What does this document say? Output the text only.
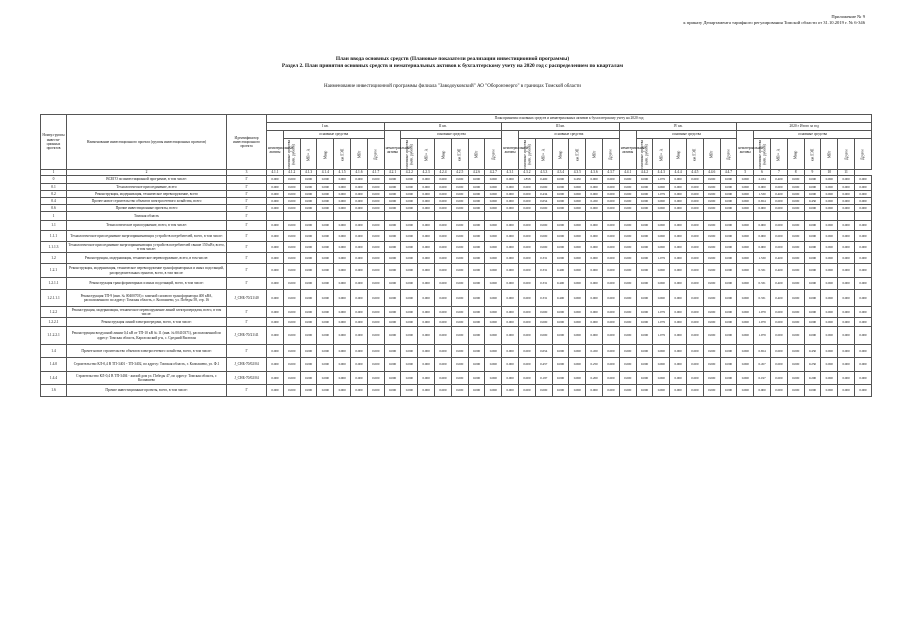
Приложение № 9
к приказу Департамента тарифного регулирования Томской области от 31.10.2019 г. № 6-346
План ввода основных средств (Плановые показатели реализации инвестиционной программы)
Раздел 2. План принятия основных средств и нематериальных активов к бухгалтерскому учету на 2020 год с распределением по кварталам
Наименование инвестиционной программы филиала "Заводоуковский" АО "Оборонэнерго" в границах Томской области
Номер группы инвести-ционных проектов	Наименование инвестиционного проекта (группы инвестиционных проектов)	Идентификатор инвестиционного проекта	План принятия основных средств и нематериальных активов к бухгалтерскому учету на 2020 год																																			
			I кв.							II кв.							III кв.							IV кв.							2020 г Итого за год							
			нематериальные активы	основные средства						нематериальные активы	основные средства						нематериальные активы	основные средства						нематериальные активы	основные средства						нематериальные активы	основные средства						
				основные средства (млн. рублей)	МВ×А	Мвар	км ЛЭП	МВт	Другое		основные средства (млн. рублей)	МВ×А	Мвар	км ЛЭП	МВт	Другое		основные средства (млн. рублей)	МВ×А	Мвар	км ЛЭП	МВт	Другое		основные средства (млн. рублей)	МВ×А	Мвар	км ЛЭП	МВт	Другое		основные средства (млн. рублей)	МВ×А	Мвар	км ЛЭП	МВт	Другое	Другое

1	2	3	4.1.1	4.1.2	4.1.3	4.1.4	4.1.5	4.1.6	4.1.7	4.2.1	4.2.2	4.2.3	4.2.4	4.2.5	4.2.6	4.2.7	4.3.1	4.3.2	4.3.3	4.3.4	4.3.5	4.3.6	4.3.7	4.4.1	4.4.2	4.4.3	4.4.4	4.4.5	4.4.6	4.4.7	5	6	7	8	9	10	11	
0	ВСЕГО по инвестиционной программе, в том числе:	Г	0.000	0.000	0.000	0.000	0.000	0.000	0.000	0.000	0.000	0.000	0.000	0.000	0.000	0.000	0.000	1.858	0.400	0.000	0.450	0.000	0.000	0.000	0.000	1.079	0.000	0.000	0.000	0.000	0.000	2.184	0.400	0.000	0.000	0.000	0.000	0.000
0.1	Технологическое присоединение, всего	Г	0.000	0.000	0.000	0.000	0.000	0.000	0.000	0.000	0.000	0.000	0.000	0.000	0.000	0.000	0.000	0.000	0.000	0.000	0.000	0.000	0.000	0.000	0.000	0.000	0.000	0.000	0.000	0.000	0.000	0.000	0.000	0.000	0.000	0.000	0.000	0.000
0.2	Реконструкция, модернизация, техническое перевооружение, всего	Г	0.000	0.000	0.000	0.000	0.000	0.000	0.000	0.000	0.000	0.000	0.000	0.000	0.000	0.000	0.000	0.000	0.434	0.000	0.000	0.000	0.000	0.000	0.000	1.079	0.000	0.000	0.000	0.000	0.000	1.530	0.400	0.000	0.000	0.000	0.000	0.000
0.4	Прочее новое строительство объектов электросетевого хозяйства, всего	Г	0.000	0.000	0.000	0.000	0.000	0.000	0.000	0.000	0.000	0.000	0.000	0.000	0.000	0.000	0.000	0.000	0.654	0.000	0.000	0.450	0.000	0.000	0.000	0.000	0.000	0.000	0.000	0.000	0.000	0.654	0.000	0.000	0.450	0.000	0.000	0.000
0.6	Прочие инвестиционные проекты, всего	Г	0.000	0.000	0.000	0.000	0.000	0.000	0.000	0.000	0.000	0.000	0.000	0.000	0.000	0.000	0.000	0.000	0.000	0.000	0.000	0.000	0.000	0.000	0.000	0.000	0.000	0.000	0.000	0.000	0.000	0.000	0.000	0.000	0.000	0.000	0.000	0.000
1	Томская область	Г																																				
1.1	Технологическое присоединение, всего, в том числе:	Г	0.000	0.000	0.000	0.000	0.000	0.000	0.000	0.000	0.000	0.000	0.000	0.000	0.000	0.000	0.000	0.000	0.000	0.000	0.000	0.000	0.000	0.000	0.000	0.000	0.000	0.000	0.000	0.000	0.000	0.000	0.000	0.000	0.000	0.000	0.000	0.000
1.1.1	Технологическое присоединение энергопринимающих устройств потребителей, всего, в том числе:	Г	0.000	0.000	0.000	0.000	0.000	0.000	0.000	0.000	0.000	0.000	0.000	0.000	0.000	0.000	0.000	0.000	0.000	0.000	0.000	0.000	0.000	0.000	0.000	0.000	0.000	0.000	0.000	0.000	0.000	0.000	0.000	0.000	0.000	0.000	0.000	0.000
1.1.1.3	Технологическое присоединение энергопринимающих устройств потребителей свыше 150 кВт, всего, в том числе:	Г	0.000	0.000	0.000	0.000	0.000	0.000	0.000	0.000	0.000	0.000	0.000	0.000	0.000	0.000	0.000	0.000	0.000	0.000	0.000	0.000	0.000	0.000	0.000	0.000	0.000	0.000	0.000	0.000	0.000	0.000	0.000	0.000	0.000	0.000	0.000	0.000
1.2	Реконструкция, модернизация, техническое перевооружение, всего, в том числе:	Г	0.000	0.000	0.000	0.000	0.000	0.000	0.000	0.000	0.000	0.000	0.000	0.000	0.000	0.000	0.000	0.000	0.331	0.000	0.000	0.000	0.000	0.000	0.000	1.079	0.000	0.000	0.000	0.000	0.000	1.530	0.400	0.000	0.000	0.000	0.000	0.000
1.2.1	Реконструкция, модернизация, техническое перевооружение трансформаторных и иных подстанций, распределительных пунктов, всего, в том числе:	Г	0.000	0.000	0.000	0.000	0.000	0.000	0.000	0.000	0.000	0.000	0.000	0.000	0.000	0.000	0.000	0.000	0.331	0.400	0.000	0.000	0.000	0.000	0.000	0.000	0.000	0.000	0.000	0.000	0.000	0.331	0.400	0.000	0.000	0.000	0.000	0.000
1.2.1.1	Реконструкция трансформаторных и иных подстанций, всего, в том числе:	Г	0.000	0.000	0.000	0.000	0.000	0.000	0.000	0.000	0.000	0.000	0.000	0.000	0.000	0.000	0.000	0.000	0.331	0.400	0.000	0.000	0.000	0.000	0.000	0.000	0.000	0.000	0.000	0.000	0.000	0.331	0.400	0.000	0.000	0.000	0.000	0.000
1.2.1.1.1	Реконструкция ТП-9 (инв. № 00400703) с заменой силового трансформатора 400 кВА, расположенного по адресу: Томская область, г. Колпашево, ул. Победы 58, стр. 16	J_СНБ-70/21/40	0.000	0.000	0.000	0.000	0.000	0.000	0.000	0.000	0.000	0.000	0.000	0.000	0.000	0.000	0.000	0.000	0.331	0.400	0.000	0.000	0.000	0.000	0.000	0.000	0.000	0.000	0.000	0.000	0.000	0.331	0.400	0.000	0.000	0.000	0.000	0.000
1.2.2	Реконструкция, модернизация, техническое перевооружение линий электропередачи, всего, в том числе:	Г	0.000	0.000	0.000	0.000	0.000	0.000	0.000	0.000	0.000	0.000	0.000	0.000	0.000	0.000	0.000	0.000	0.000	0.000	0.000	0.000	0.000	0.000	0.000	1.079	0.000	0.000	0.000	0.000	0.000	1.079	0.000	0.000	0.000	0.000	0.000	0.000
1.2.2.1	Реконструкция линий электропередачи, всего, в том числе:	Г	0.000	0.000	0.000	0.000	0.000	0.000	0.000	0.000	0.000	0.000	0.000	0.000	0.000	0.000	0.000	0.000	0.000	0.000	0.000	0.000	0.000	0.000	0.000	1.079	0.000	0.000	0.000	0.000	0.000	1.079	0.000	0.000	0.000	0.000	0.000	0.000
1.1.2.2.1	Реконструкция воздушной линии 0,4 кВ от ТП-10 кВ № 11 (инв. № 00410371), расположенной по адресу: Томская область, Каргасокский р-н, с. Средний Васюган	J_СНБ-70/21/41	0.000	0.000	0.000	0.000	0.000	0.000	0.000	0.000	0.000	0.000	0.000	0.000	0.000	0.000	0.000	0.000	0.000	0.000	0.000	0.000	0.000	0.000	0.000	1.079	0.000	0.000	0.000	0.000	0.000	1.079	0.000	0.000	0.000	0.000	0.000	0.000
1.4	Прочее новое строительство объектов электросетевого хозяйства, всего, в том числе:	Г	0.000	0.000	0.000	0.000	0.000	0.000	0.000	0.000	0.000	0.000	0.000	0.000	0.000	0.000	0.000	0.000	0.654	0.000	0.000	0.450	0.000	0.000	0.000	0.000	0.000	0.000	0.000	0.000	0.000	0.654	0.000	0.000	0.450	0.000	0.000	0.000
1.4.0	Строительство КЛ-0,4 В ТП-3401 - ТП-3402, по адресу: Томская область, г. Колпашево, ул. Ф.1	J_СНБ-70/02/04	0.000	0.000	0.000	0.000	0.000	0.000	0.000	0.000	0.000	0.000	0.000	0.000	0.000	0.000	0.000	0.000	0.457	0.000	0.000	0.250	0.000	0.000	0.000	0.000	0.000	0.000	0.000	0.000	0.000	0.457	0.000	0.000	0.250	0.000	0.000	0.000
1.4.4	Строительство КЛ-0,4 В ТП-3404 - жилой дом ул. Победы 47, по адресу: Томская область, г. Колпашево	J_СНБ-70/02/04	0.000	0.000	0.000	0.000	0.000	0.000	0.000	0.000	0.000	0.000	0.000	0.000	0.000	0.000	0.000	0.000	0.197	0.000	0.000	0.200	0.000	0.000	0.000	0.000	0.000	0.000	0.000	0.000	0.000	0.197	0.000	0.000	0.200	0.000	0.000	0.000
1.6	Прочие инвестиционные проекты, всего, в том числе:	Г	0.000	0.000	0.000	0.000	0.000	0.000	0.000	0.000	0.000	0.000	0.000	0.000	0.000	0.000	0.000	0.000	0.000	0.000	0.000	0.000	0.000	0.000	0.000	0.000	0.000	0.000	0.000	0.000	0.000	0.000	0.000	0.000	0.000	0.000	0.000	0.000
